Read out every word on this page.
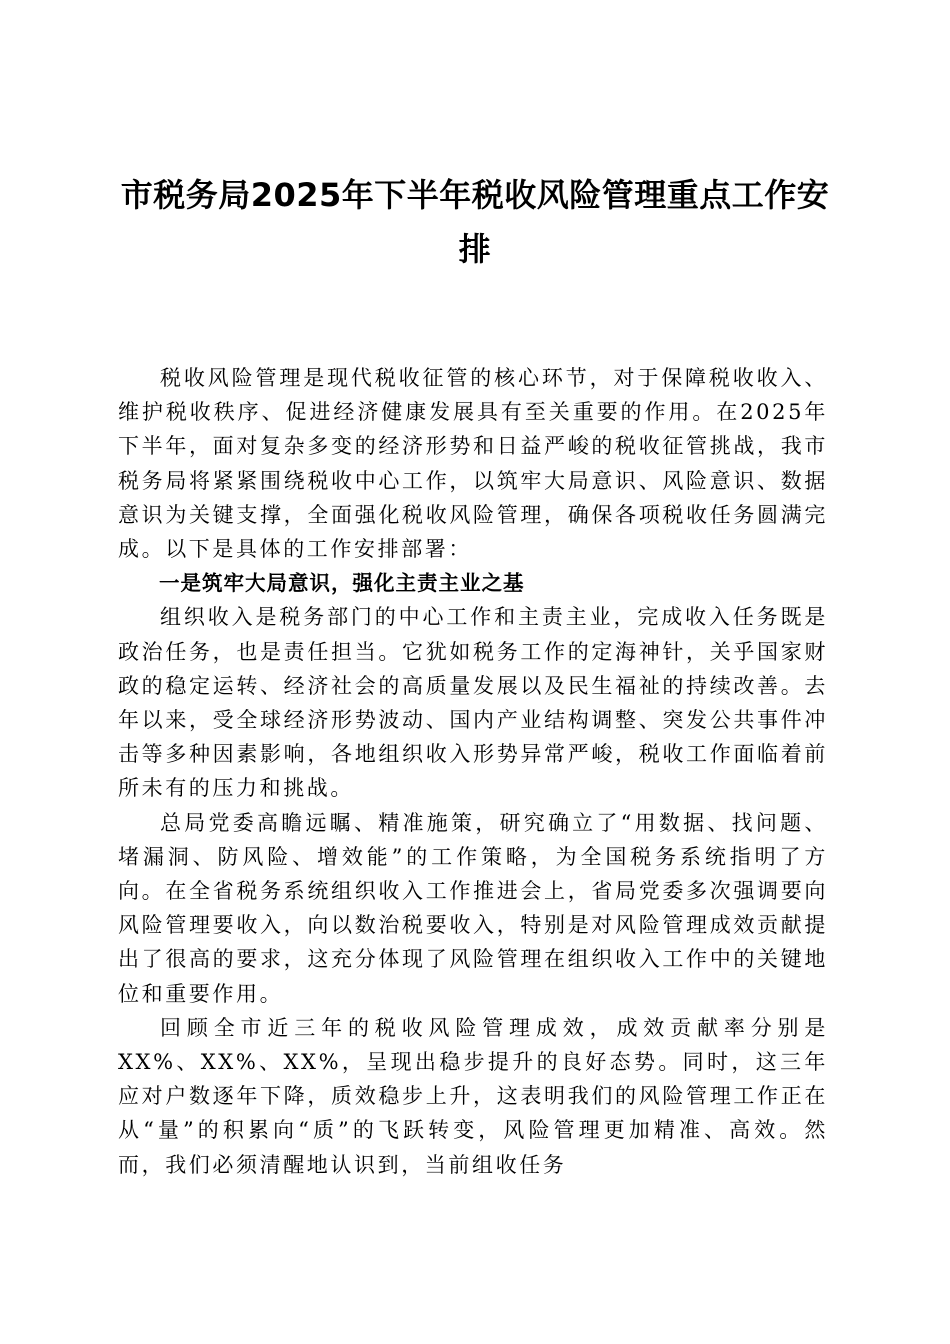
市税务局2025年下半年税收风险管理重点工作安排

税收风险管理是现代税收征管的核心环节，对于保障税收收入、维护税收秩序、促进经济健康发展具有至关重要的作用。在2025年下半年，面对复杂多变的经济形势和日益严峻的税收征管挑战，我市税务局将紧紧围绕税收中心工作，以筑牢大局意识、风险意识、数据意识为关键支撑，全面强化税收风险管理，确保各项税收任务圆满完成。以下是具体的工作安排部署：

一是筑牢大局意识，强化主责主业之基

组织收入是税务部门的中心工作和主责主业，完成收入任务既是政治任务，也是责任担当。它犹如税务工作的定海神针，关乎国家财政的稳定运转、经济社会的高质量发展以及民生福祉的持续改善。去年以来，受全球经济形势波动、国内产业结构调整、突发公共事件冲击等多种因素影响，各地组织收入形势异常严峻，税收工作面临着前所未有的压力和挑战。

总局党委高瞻远瞩、精准施策，研究确立了“用数据、找问题、堵漏洞、防风险、增效能”的工作策略，为全国税务系统指明了方向。在全省税务系统组织收入工作推进会上，省局党委多次强调要向风险管理要收入，向以数治税要收入，特别是对风险管理成效贡献提出了很高的要求，这充分体现了风险管理在组织收入工作中的关键地位和重要作用。

回顾全市近三年的税收风险管理成效，成效贡献率分别是XX%、XX%、XX%，呈现出稳步提升的良好态势。同时，这三年应对户数逐年下降，质效稳步上升，这表明我们的风险管理工作正在从“量”的积累向“质”的飞跃转变，风险管理更加精准、高效。然而，我们必须清醒地认识到，当前组收任务
